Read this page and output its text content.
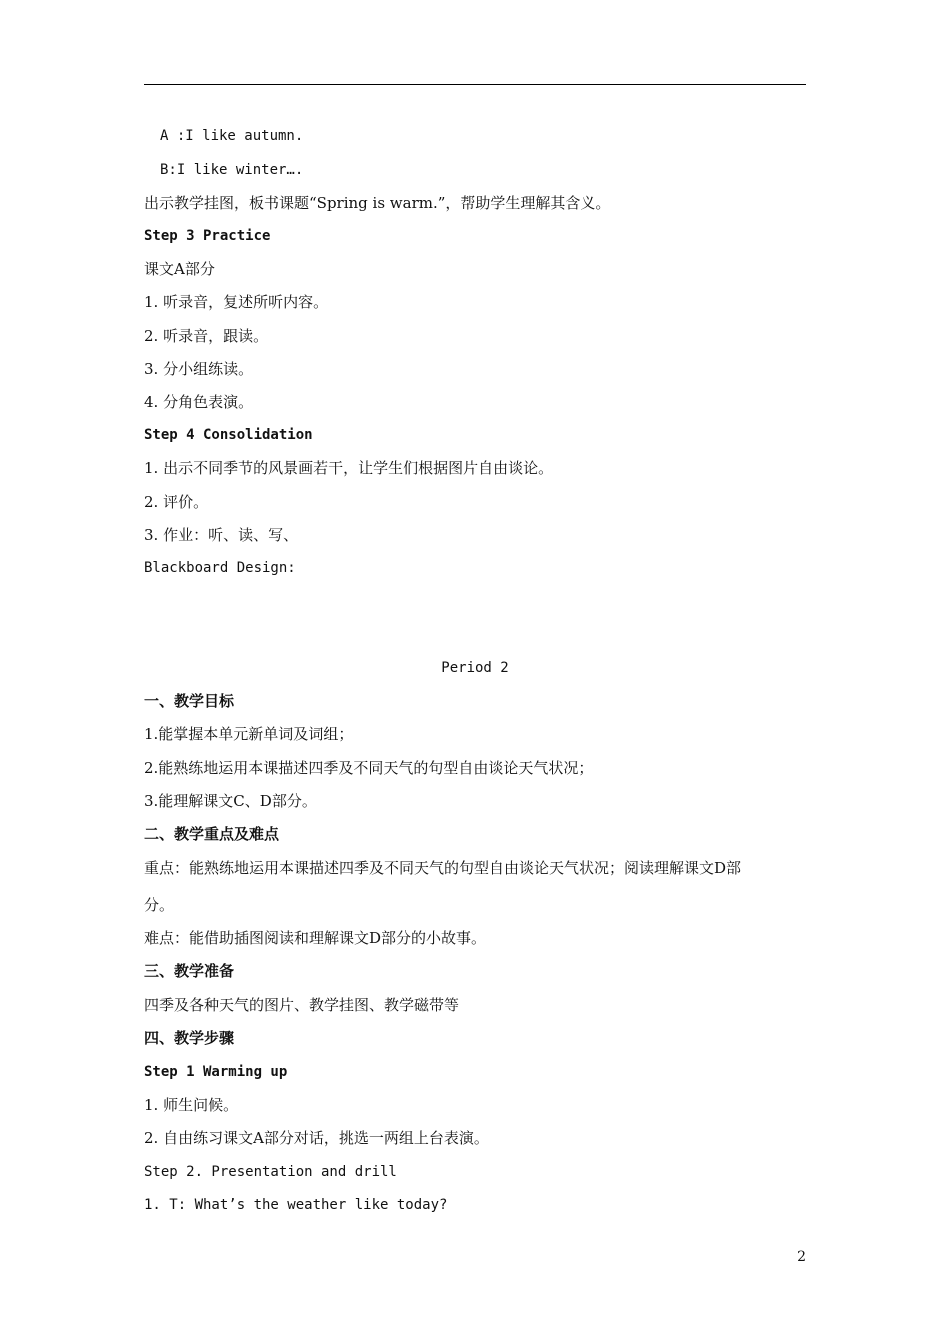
A :I like autumn.
B:I like winter….
出示教学挂图，板书课题“Spring is warm.”，帮助学生理解其含义。
Step 3 Practice
课文A部分
1. 听录音，复述所听内容。
2. 听录音，跟读。
3. 分小组练读。
4. 分角色表演。
Step 4 Consolidation
1. 出示不同季节的风景画若干，让学生们根据图片自由谈论。
2. 评价。
3. 作业：听、读、写、
Blackboard Design:
Period 2
一、教学目标
1.能掌握本单元新单词及词组；
2.能熟练地运用本课描述四季及不同天气的句型自由谈论天气状况；
3.能理解课文C、D部分。
二、教学重点及难点
重点：能熟练地运用本课描述四季及不同天气的句型自由谈论天气状况；阅读理解课文D部
分。
难点：能借助插图阅读和理解课文D部分的小故事。
三、教学准备
四季及各种天气的图片、教学挂图、教学磁带等
四、教学步骤
Step 1 Warming up
1. 师生问候。
2. 自由练习课文A部分对话，挑选一两组上台表演。
Step 2. Presentation and drill
1. T: What’s the weather like today?
2
